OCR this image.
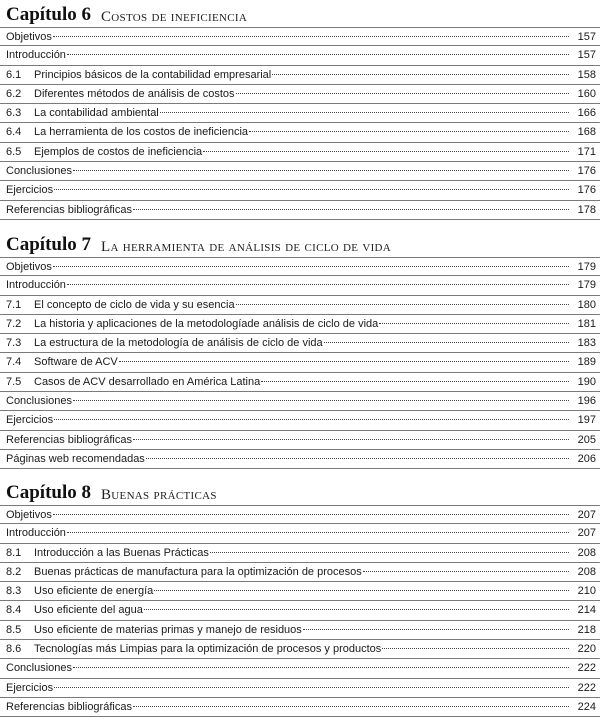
Capítulo 6 Costos de ineficiencia
Objetivos	157
Introducción	157
6.1	Principios básicos de la contabilidad empresarial	158
6.2	Diferentes métodos de análisis de costos	160
6.3	La contabilidad ambiental	166
6.4	La herramienta de los costos de ineficiencia	168
6.5	Ejemplos de costos de ineficiencia	171
Conclusiones	176
Ejercicios	176
Referencias bibliográficas	178
Capítulo 7 La herramienta de análisis de ciclo de vida
Objetivos	179
Introducción	179
7.1	El concepto de ciclo de vida y su esencia	180
7.2	La historia y aplicaciones de la metodologíade análisis de ciclo de vida	181
7.3	La estructura de la metodología de análisis de ciclo de vida	183
7.4	Software de ACV	189
7.5	Casos de ACV desarrollado en América Latina	190
Conclusiones	196
Ejercicios	197
Referencias bibliográficas	205
Páginas web recomendadas	206
Capítulo 8 Buenas prácticas
Objetivos	207
Introducción	207
8.1	Introducción a las Buenas Prácticas	208
8.2	Buenas prácticas de manufactura para la optimización de procesos	208
8.3	Uso eficiente de energía	210
8.4	Uso eficiente del agua	214
8.5	Uso eficiente de materias primas y manejo de residuos	218
8.6	Tecnologías más Limpias para la optimización de procesos y productos	220
Conclusiones	222
Ejercicios	222
Referencias bibliográficas	224
